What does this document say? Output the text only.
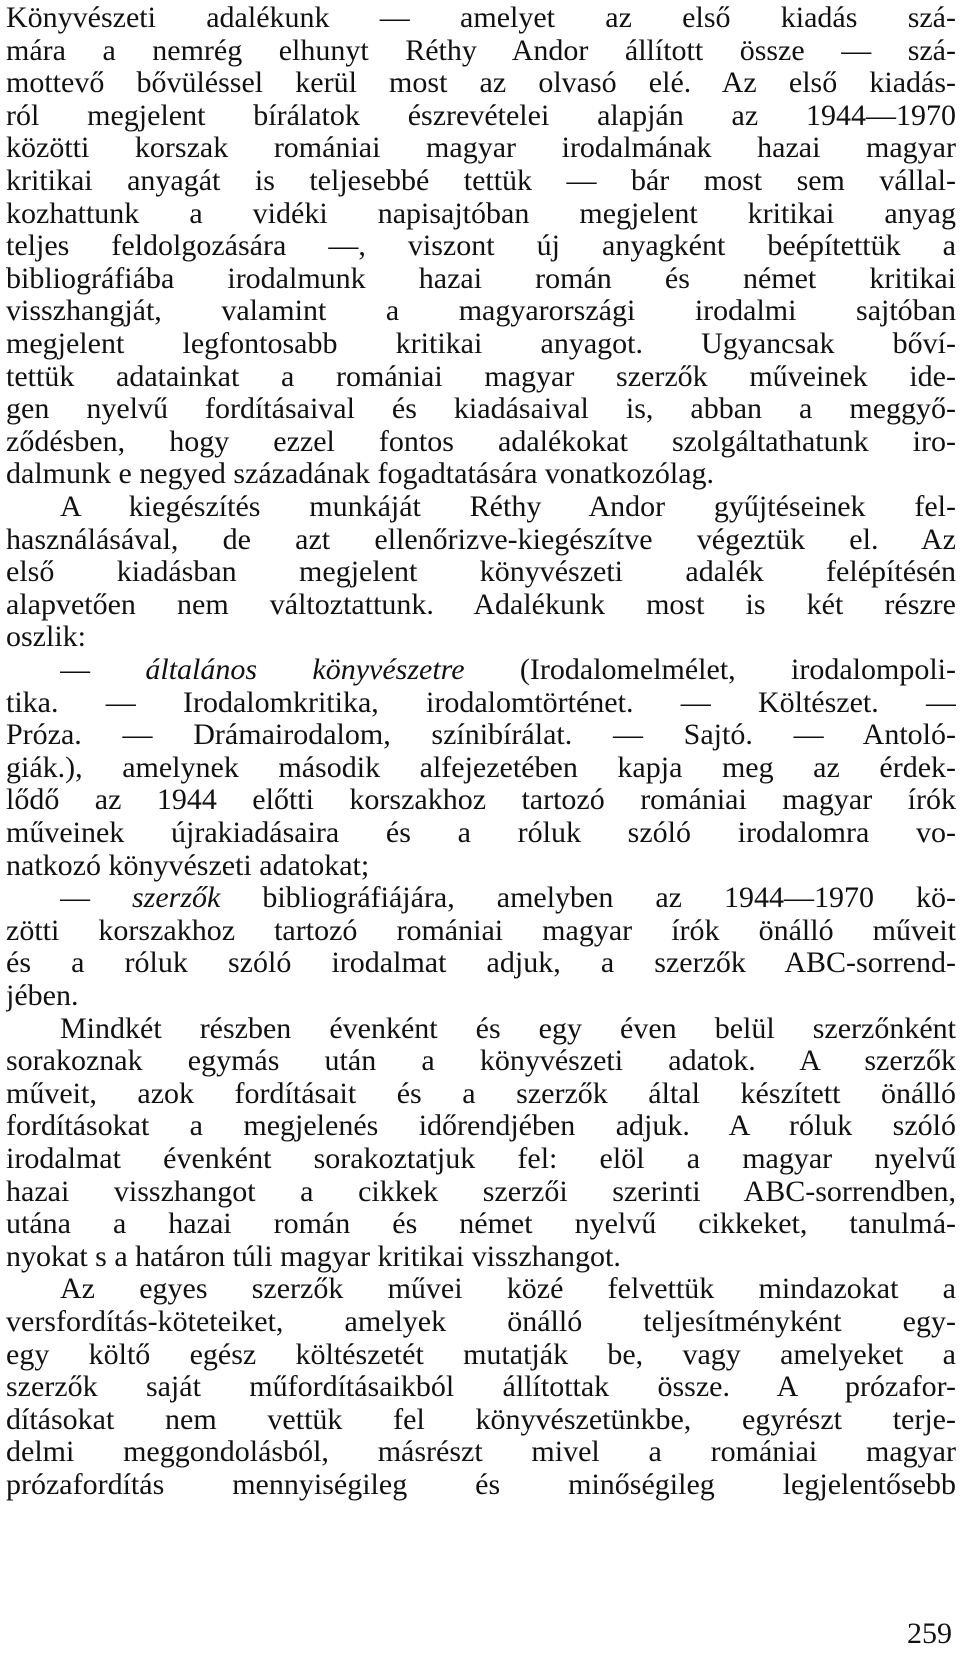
Könyvészeti adalékunk — amelyet az első kiadás szá-
mára a nemrég elhunyt Réthy Andor állított össze — szá-
mottevő bővüléssel kerül most az olvasó elé. Az első kiadás-
ról megjelent bírálatok észrevételei alapján az 1944—1970
közötti korszak romániai magyar irodalmának hazai magyar
kritikai anyagát is teljesebbé tettük — bár most sem vállal-
kozhattunk a vidéki napisajtóban megjelent kritikai anyag
teljes feldolgozására —, viszont új anyagként beépítettük a
bibliográfiába irodalmunk hazai román és német kritikai
visszhangját, valamint a magyarországi irodalmi sajtóban
megjelent legfontosabb kritikai anyagot. Ugyancsak bőví-
tettük adatainkat a romániai magyar szerzők műveinek ide-
gen nyelvű fordításaival és kiadásaival is, abban a meggyő-
ződésben, hogy ezzel fontos adalékokat szolgáltathatunk iro-
dalmunk e negyed századának fogadtatására vonatkozólag.
A kiegészítés munkáját Réthy Andor gyűjtéseinek fel-
használásával, de azt ellenőrizve-kiegészítve végeztük el. Az
első kiadásban megjelent könyvészeti adalék felépítésén
alapvetően nem változtattunk. Adalékunk most is két részre
oszlik:
— általános könyvészetre (Irodalomelmélet, irodalompoli-
tika. — Irodalomkritika, irodalomtörténet. — Költészet. —
Próza. — Drámairodalom, színibírálat. — Sajtó. — Antoló-
giák.), amelynek második alfejezetében kapja meg az érdek-
lődő az 1944 előtti korszakhoz tartozó romániai magyar írók
műveinek újrakiadásaira és a róluk szóló irodalomra vo-
natkozó könyvészeti adatokat;
— szerzők bibliográfiájára, amelyben az 1944—1970 kö-
zötti korszakhoz tartozó romániai magyar írók önálló műveit
és a róluk szóló irodalmat adjuk, a szerzők ABC-sorrend-
jében.
Mindkét részben évenként és egy éven belül szerzőnként
sorakoznak egymás után a könyvészeti adatok. A szerzők
műveit, azok fordításait és a szerzők által készített önálló
fordításokat a megjelenés időrendjében adjuk. A róluk szóló
irodalmat évenként sorakoztatjuk fel: elöl a magyar nyelvű
hazai visszhangot a cikkek szerzői szerinti ABC-sorrendben,
utána a hazai román és német nyelvű cikkeket, tanulmá-
nyokat s a határon túli magyar kritikai visszhangot.
Az egyes szerzők művei közé felvettük mindazokat a
versfordítás-köteteiket, amelyek önálló teljesítményként egy-
egy költő egész költészetét mutatják be, vagy amelyeket a
szerzők saját műfordításaikból állítottak össze. A prózafor-
dításokat nem vettük fel könyvészetünkbe, egyrészt terje-
delmi meggondolásból, másrészt mivel a romániai magyar
prózafordítás mennyiségileg és minőségileg legjelentősebb
259
